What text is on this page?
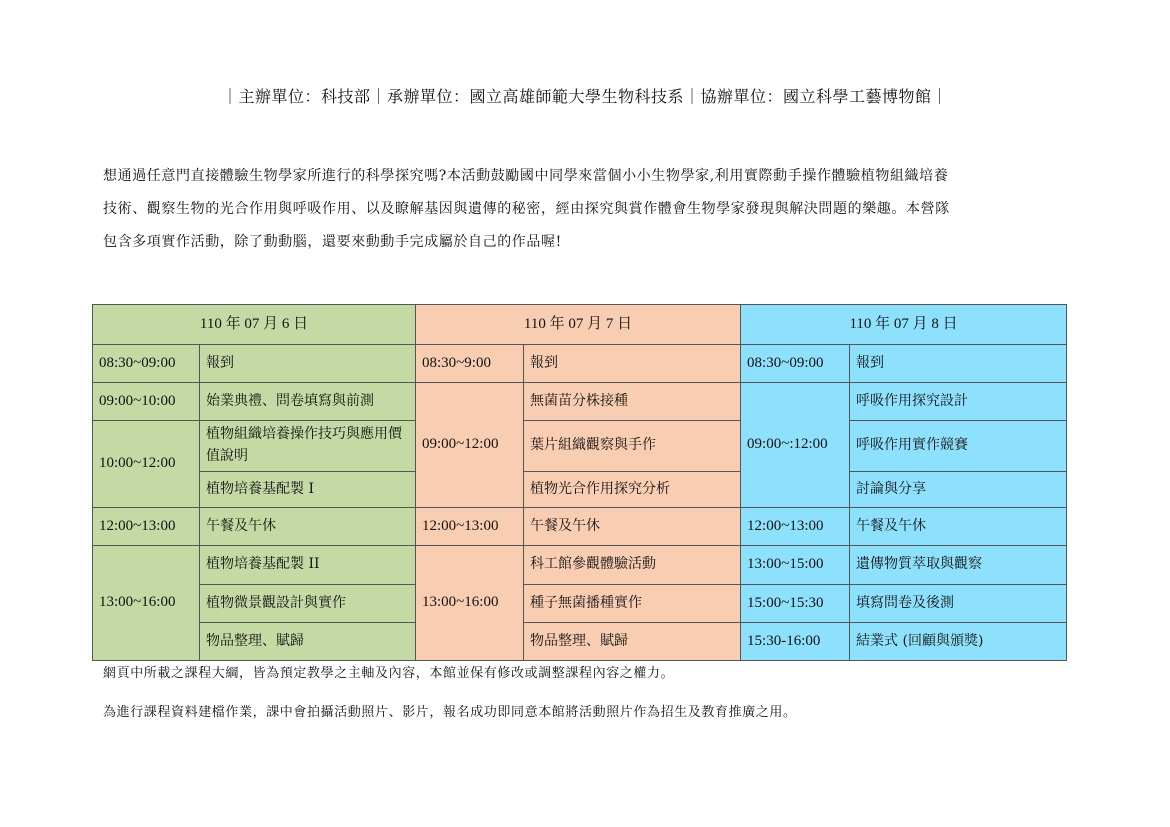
｜主辦單位：科技部｜承辦單位：國立高雄師範大學生物科技系｜協辦單位：國立科學工藝博物館｜

想通過任意門直接體驗生物學家所進行的科學探究嗎?本活動鼓勵國中同學來當個小小生物學家,利用實際動手操作體驗植物組織培養

技術、觀察生物的光合作用與呼吸作用、以及瞭解基因與遺傳的秘密，經由探究與賞作體會生物學家發現與解決問題的樂趣。本營隊

包含多項實作活動，除了動動腦，還要來動動手完成屬於自己的作品喔!

110 年 07 月 6 日		110 年 07 月 7 日		110 年 07 月 8 日	
08:30~09:00	報到	08:30~9:00	報到	08:30~09:00	報到
09:00~10:00	始業典禮、問卷填寫與前測	09:00~12:00	無菌苗分株接種	09:00~:12:00	呼吸作用探究設計
10:00~12:00	植物組織培養操作技巧與應用價值說明		葉片組織觀察與手作		呼吸作用實作競賽
	植物培養基配製 I		植物光合作用探究分析		討論與分享
12:00~13:00	午餐及午休	12:00~13:00	午餐及午休	12:00~13:00	午餐及午休
13:00~16:00	植物培養基配製 II	13:00~16:00	科工館參觀體驗活動	13:00~15:00	遺傳物質萃取與觀察
	植物微景觀設計與實作		種子無菌播種實作	15:00~15:30	填寫問卷及後測
	物品整理、賦歸		物品整理、賦歸	15:30-16:00	結業式 (回顧與頒獎)

網頁中所載之課程大綱，皆為預定教學之主軸及內容，本館並保有修改或調整課程內容之權力。

為進行課程資料建檔作業，課中會拍攝活動照片、影片，報名成功即同意本館將活動照片作為招生及教育推廣之用。
